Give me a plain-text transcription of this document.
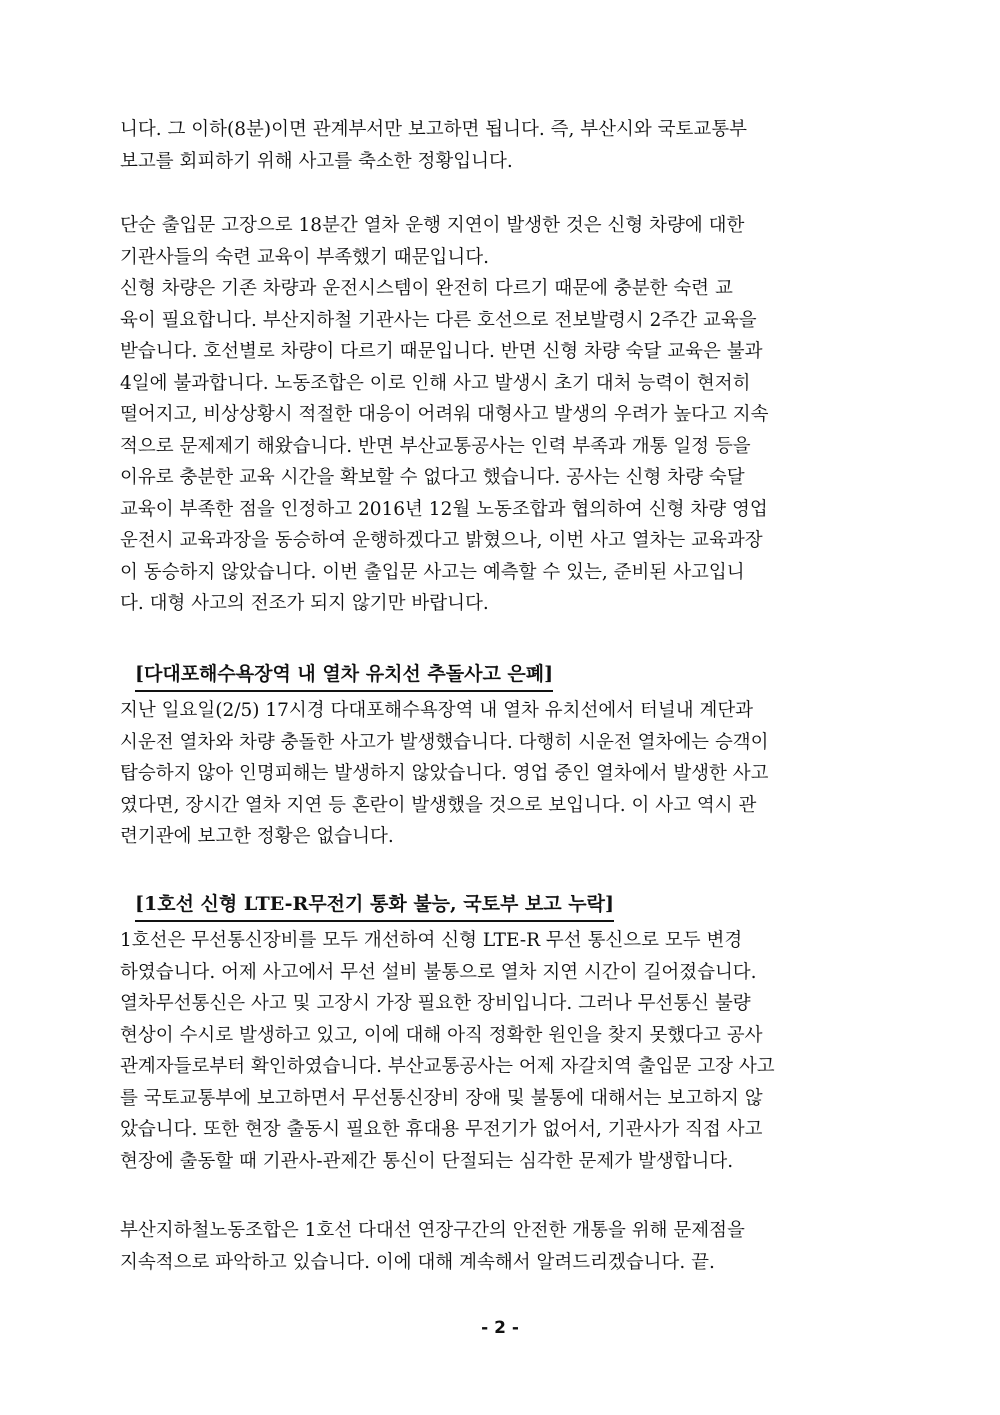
니다. 그 이하(8분)이면 관계부서만 보고하면 됩니다. 즉, 부산시와 국토교통부
보고를 회피하기 위해 사고를 축소한 정황입니다.
단순 출입문 고장으로 18분간 열차 운행 지연이 발생한 것은 신형 차량에 대한
기관사들의 숙련 교육이 부족했기 때문입니다.
신형 차량은 기존 차량과 운전시스템이 완전히 다르기 때문에 충분한 숙련 교
육이 필요합니다. 부산지하철 기관사는 다른 호선으로 전보발령시 2주간 교육을
받습니다. 호선별로 차량이 다르기 때문입니다. 반면 신형 차량 숙달 교육은 불과
4일에 불과합니다. 노동조합은 이로 인해 사고 발생시 초기 대처 능력이 현저히
떨어지고, 비상상황시 적절한 대응이 어려워 대형사고 발생의 우려가 높다고 지속
적으로 문제제기 해왔습니다. 반면 부산교통공사는 인력 부족과 개통 일정 등을
이유로 충분한 교육 시간을 확보할 수 없다고 했습니다. 공사는 신형 차량 숙달
교육이 부족한 점을 인정하고 2016년 12월 노동조합과 협의하여 신형 차량 영업
운전시 교육과장을 동승하여 운행하겠다고 밝혔으나, 이번 사고 열차는 교육과장
이 동승하지 않았습니다. 이번 출입문 사고는 예측할 수 있는, 준비된 사고입니
다. 대형 사고의 전조가 되지 않기만 바랍니다.
[다대포해수욕장역 내 열차 유치선 추돌사고 은폐]
지난 일요일(2/5) 17시경 다대포해수욕장역 내 열차 유치선에서 터널내 계단과
시운전 열차와 차량 충돌한 사고가 발생했습니다. 다행히 시운전 열차에는 승객이
탑승하지 않아 인명피해는 발생하지 않았습니다. 영업 중인 열차에서 발생한 사고
였다면, 장시간 열차 지연 등 혼란이 발생했을 것으로 보입니다. 이 사고 역시 관
련기관에 보고한 정황은 없습니다.
[1호선 신형 LTE-R무전기 통화 불능, 국토부 보고 누락]
1호선은 무선통신장비를 모두 개선하여 신형 LTE-R 무선 통신으로 모두 변경
하였습니다. 어제 사고에서 무선 설비 불통으로 열차 지연 시간이 길어졌습니다.
열차무선통신은 사고 및 고장시 가장 필요한 장비입니다. 그러나 무선통신 불량
현상이 수시로 발생하고 있고, 이에 대해 아직 정확한 원인을 찾지 못했다고 공사
관계자들로부터 확인하였습니다. 부산교통공사는 어제 자갈치역 출입문 고장 사고
를 국토교통부에 보고하면서 무선통신장비 장애 및 불통에 대해서는 보고하지 않
았습니다. 또한 현장 출동시 필요한 휴대용 무전기가 없어서, 기관사가 직접 사고
현장에 출동할 때 기관사-관제간 통신이 단절되는 심각한 문제가 발생합니다.
부산지하철노동조합은 1호선 다대선 연장구간의 안전한 개통을 위해 문제점을
지속적으로 파악하고 있습니다. 이에 대해 계속해서 알려드리겠습니다. 끝.
- 2 -
